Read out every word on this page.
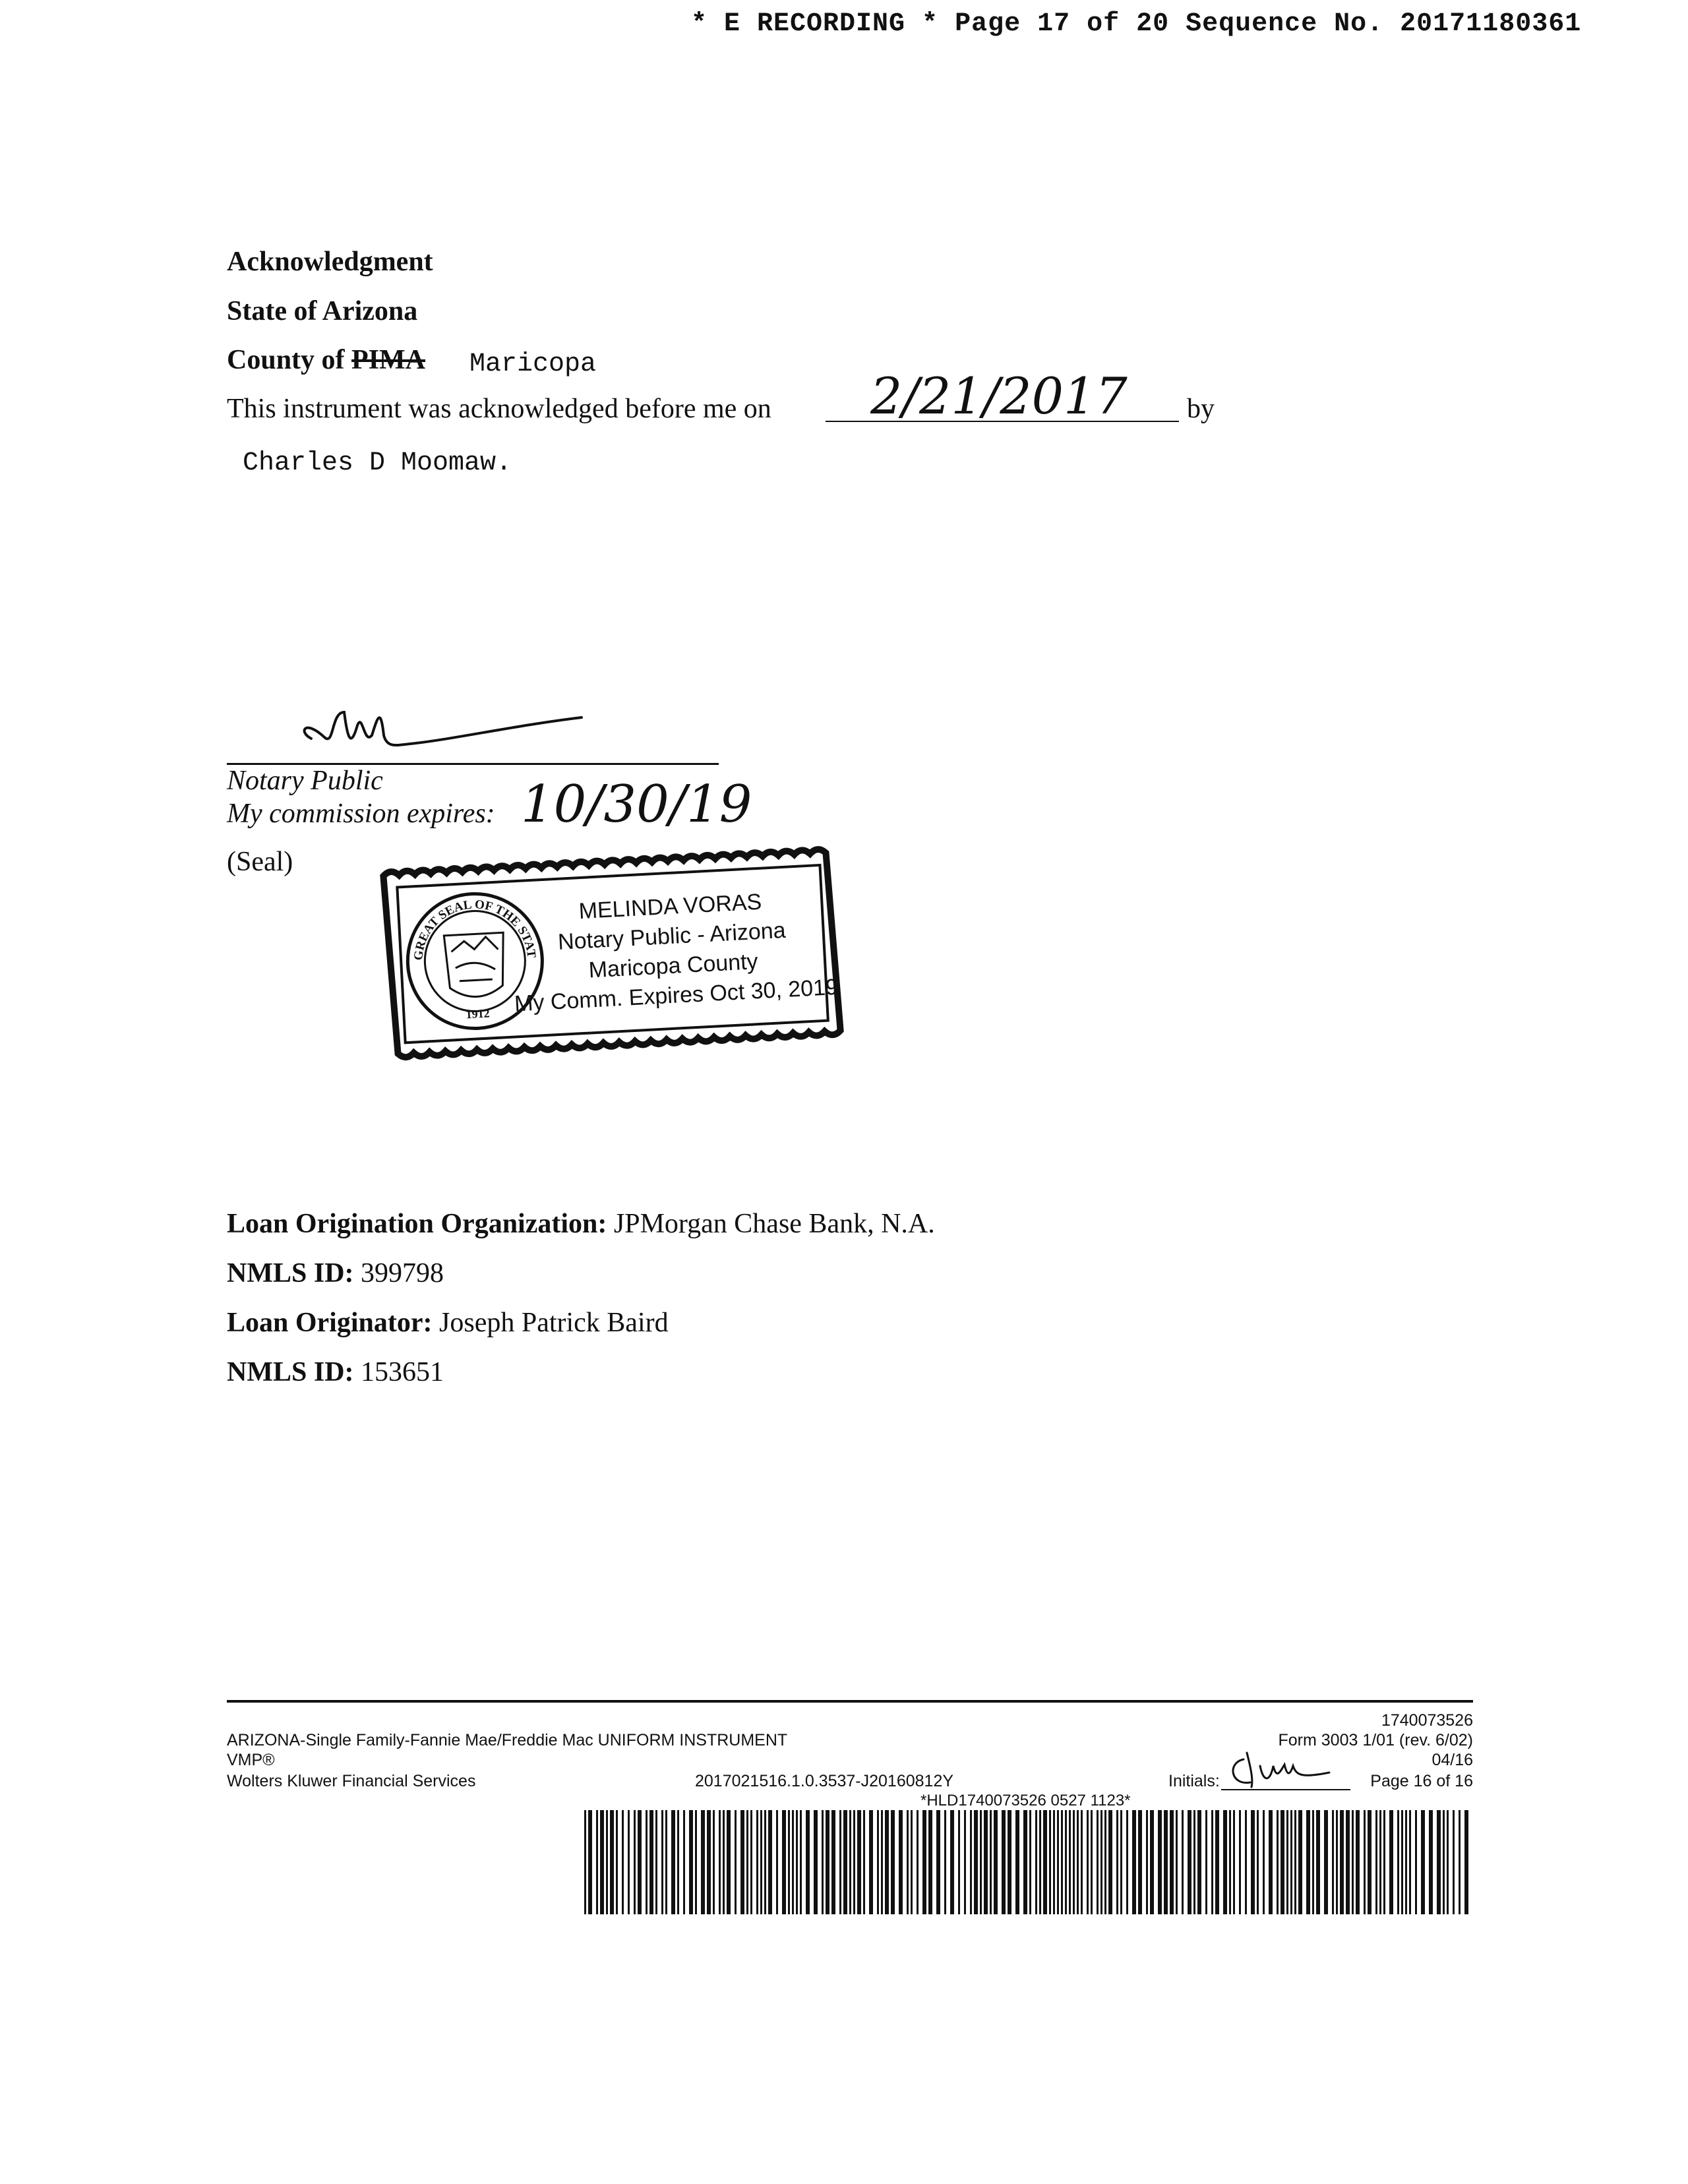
* E RECORDING * Page 17 of 20 Sequence No. 20171180361
Acknowledgment
State of Arizona
County of PIMA Maricopa
This instrument was acknowledged before me on 2/21/2017 by
Charles D Moomaw.
Notary Public
My commission expires: 10/30/19
(Seal)
GREAT SEAL OF THE STATE
1912
MELINDA VORAS
Notary Public - Arizona
Maricopa County
My Comm. Expires Oct 30, 2019
Loan Origination Organization: JPMorgan Chase Bank, N.A.
NMLS ID: 399798
Loan Originator: Joseph Patrick Baird
NMLS ID: 153651
1740073526
ARIZONA-Single Family-Fannie Mae/Freddie Mac UNIFORM INSTRUMENT	Form 3003 1/01 (rev. 6/02)
VMP®	04/16
Wolters Kluwer Financial Services	2017021516.1.0.3537-J20160812Y	Initials:	Page 16 of 16
*HLD1740073526 0527 1123*
